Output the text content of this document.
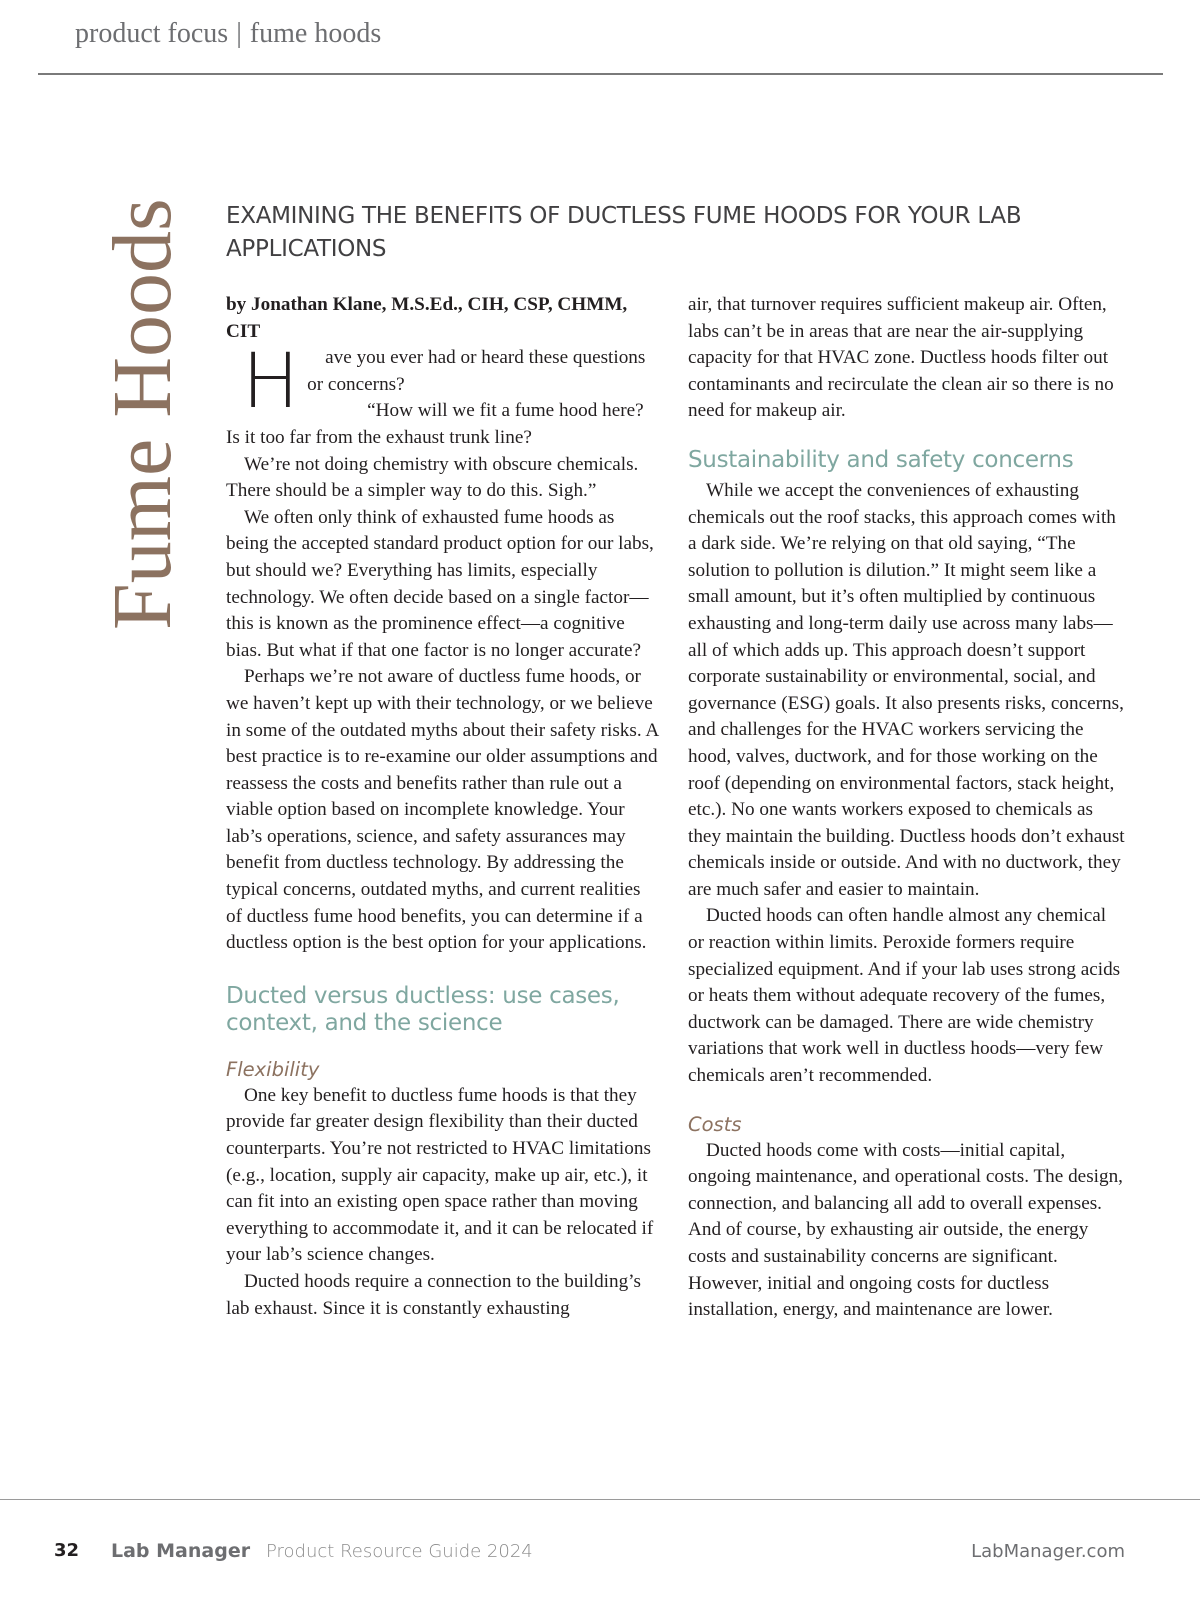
product focus | fume hoods
Fume Hoods EXAMINING THE BENEFITS OF DUCTLESS FUME HOODS FOR YOUR LAB APPLICATIONS

by Jonathan Klane, M.S.Ed., CIH, CSP, CHMM, CIT

H ave you ever had or heard these questions or concerns?

“How will we fit a fume hood here? Is it too far from the exhaust trunk line?

We’re not doing chemistry with obscure chemicals. There should be a simpler way to do this. Sigh.”

We often only think of exhausted fume hoods as being the accepted standard product option for our labs, but should we? Everything has limits, especially technology. We often decide based on a single factor—this is known as the prominence effect—a cognitive bias. But what if that one factor is no longer accurate?

Perhaps we’re not aware of ductless fume hoods, or we haven’t kept up with their technology, or we believe in some of the outdated myths about their safety risks. A best practice is to re-examine our older assumptions and reassess the costs and benefits rather than rule out a viable option based on incomplete knowledge. Your lab’s operations, science, and safety assurances may benefit from ductless technology. By addressing the typical concerns, outdated myths, and current realities of ductless fume hood benefits, you can determine if a ductless option is the best option for your applications.

Ducted versus ductless: use cases, context, and the science
Flexibility

One key benefit to ductless fume hoods is that they provide far greater design flexibility than their ducted counterparts. You’re not restricted to HVAC limitations (e.g., location, supply air capacity, make up air, etc.), it can fit into an existing open space rather than moving everything to accommodate it, and it can be relocated if your lab’s science changes.

Ducted hoods require a connection to the building’s lab exhaust. Since it is constantly exhausting

air, that turnover requires sufficient makeup air. Often, labs can’t be in areas that are near the air-supplying capacity for that HVAC zone. Ductless hoods filter out contaminants and recirculate the clean air so there is no need for makeup air.

Sustainability and safety concerns

While we accept the conveniences of exhausting chemicals out the roof stacks, this approach comes with a dark side. We’re relying on that old saying, “The solution to pollution is dilution.” It might seem like a small amount, but it’s often multiplied by continuous exhausting and long-term daily use across many labs—all of which adds up. This approach doesn’t support corporate sustainability or environmental, social, and governance (ESG) goals. It also presents risks, concerns, and challenges for the HVAC workers servicing the hood, valves, ductwork, and for those working on the roof (depending on environmental factors, stack height, etc.). No one wants workers exposed to chemicals as they maintain the building. Ductless hoods don’t exhaust chemicals inside or outside. And with no ductwork, they are much safer and easier to maintain.

Ducted hoods can often handle almost any chemical or reaction within limits. Peroxide formers require specialized equipment. And if your lab uses strong acids or heats them without adequate recovery of the fumes, ductwork can be damaged. There are wide chemistry variations that work well in ductless hoods—very few chemicals aren’t recommended.

Costs

Ducted hoods come with costs—initial capital, ongoing maintenance, and operational costs. The design, connection, and balancing all add to overall expenses. And of course, by exhausting air outside, the energy costs and sustainability concerns are significant. However, initial and ongoing costs for ductless installation, energy, and maintenance are lower.

32 Lab Manager Product Resource Guide 2024	LabManager.com
